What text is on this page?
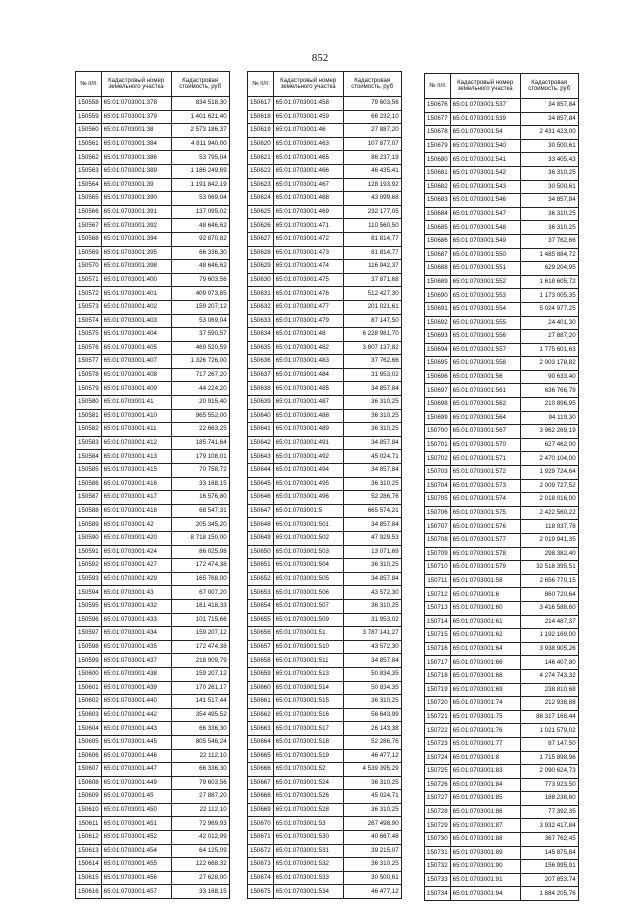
852
№ п/п	Кадастровый номер земельного участка	Кадастровая стоимость, руб
150558	65:01:0703001:378	834 518,30
150559	65:01:0703001:379	1 401 621,40
150560	65:01:0703001:38	2 573 186,37
150561	65:01:0703001:384	4 811 940,00
150562	65:01:0703001:386	53 795,04
150563	65:01:0703001:389	1 186 249,69
150564	65:01:0703001:39	1 191 842,19
150565	65:01:0703001:390	53 069,04
150566	65:01:0703001:391	137 095,02
150567	65:01:0703001:392	48 646,62
150568	65:01:0703001:394	92 870,82
150569	65:01:0703001:395	66 336,30
150570	65:01:0703001:398	48 646,62
150571	65:01:0703001:400	79 603,56
150572	65:01:0703001:401	409 073,85
150573	65:01:0703001:402	159 207,12
150574	65:01:0703001:403	53 069,04
150575	65:01:0703001:404	37 590,57
150576	65:01:0703001:405	469 520,59
150577	65:01:0703001:407	1 326 726,00
150578	65:01:0703001:408	717 267,20
150579	65:01:0703001:409	44 224,20
150580	65:01:0703001:41	20 915,40
150581	65:01:0703001:410	965 552,00
150582	65:01:0703001:411	22 663,25
150583	65:01:0703001:412	185 741,64
150584	65:01:0703001:413	179 108,01
150585	65:01:0703001:415	70 758,72
150586	65:01:0703001:416	33 168,15
150587	65:01:0703001:417	16 576,80
150588	65:01:0703001:418	68 547,31
150589	65:01:0703001:42	205 345,20
150590	65:01:0703001:420	8 718 150,00
150591	65:01:0703001:424	86 025,98
150592	65:01:0703001:427	172 474,38
150593	65:01:0703001:429	165 768,00
150594	65:01:0703001:43	67 007,20
150595	65:01:0703001:432	161 418,33
150596	65:01:0703001:433	101 715,66
150597	65:01:0703001:434	159 207,12
150598	65:01:0703001:435	172 474,38
150599	65:01:0703001:437	218 909,79
150600	65:01:0703001:438	159 207,12
150601	65:01:0703001:439	170 261,17
150602	65:01:0703001:440	141 517,44
150603	65:01:0703001:442	354 495,52
150604	65:01:0703001:443	66 336,30
150605	65:01:0703001:445	805 546,24
150606	65:01:0703001:446	22 112,10
150607	65:01:0703001:447	66 336,30
150608	65:01:0703001:449	79 603,56
150609	65:01:0703001:45	27 887,20
150610	65:01:0703001:450	22 112,10
150611	65:01:0703001:451	72 969,93
150612	65:01:0703001:452	42 012,99
150613	65:01:0703001:454	64 125,09
150614	65:01:0703001:455	122 668,32
150615	65:01:0703001:456	27 628,00
150616	65:01:0703001:457	33 168,15
№ п/п	Кадастровый номер земельного участка	Кадастровая стоимость, руб
150617	65:01:0703001:458	79 603,56
150618	65:01:0703001:459	66 232,10
150619	65:01:0703001:46	27 887,20
150620	65:01:0703001:463	107 877,07
150621	65:01:0703001:465	86 237,19
150622	65:01:0703001:466	46 435,41
150623	65:01:0703001:467	128 193,92
150624	65:01:0703001:468	43 099,68
150625	65:01:0703001:469	232 177,05
150626	65:01:0703001:471	110 560,50
150627	65:01:0703001:472	81 814,77
150628	65:01:0703001:473	81 814,77
150629	65:01:0703001:474	116 942,37
150630	65:01:0703001:475	37 871,68
150631	65:01:0703001:476	512 427,30
150632	65:01:0703001:477	201 021,61
150633	65:01:0703001:479	87 147,50
150634	65:01:0703001:48	6 228 981,70
150635	65:01:0703001:482	3 807 137,82
150636	65:01:0703001:483	37 762,66
150637	65:01:0703001:484	31 953,02
150638	65:01:0703001:485	34 857,84
150639	65:01:0703001:487	36 310,25
150640	65:01:0703001:488	36 310,25
150641	65:01:0703001:489	36 310,25
150642	65:01:0703001:491	34 857,84
150643	65:01:0703001:492	45 024,71
150644	65:01:0703001:494	34 857,84
150645	65:01:0703001:495	36 310,25
150646	65:01:0703001:496	52 286,76
150647	65:01:0703001:5	665 574,21
150648	65:01:0703001:501	34 857,84
150649	65:01:0703001:502	47 929,53
150650	65:01:0703001:503	13 071,69
150651	65:01:0703001:504	36 310,25
150652	65:01:0703001:505	34 857,84
150653	65:01:0703001:506	43 572,30
150654	65:01:0703001:507	36 310,25
150655	65:01:0703001:509	31 953,02
150656	65:01:0703001:51	3 787 141,27
150657	65:01:0703001:510	43 572,30
150658	65:01:0703001:511	34 857,84
150659	65:01:0703001:513	50 834,35
150660	65:01:0703001:514	50 834,35
150661	65:01:0703001:515	36 310,25
150662	65:01:0703001:516	56 643,99
150663	65:01:0703001:517	26 143,38
150664	65:01:0703001:518	52 286,76
150665	65:01:0703001:519	46 477,12
150666	65:01:0703001:52	4 539 395,29
150667	65:01:0703001:524	36 310,25
150668	65:01:0703001:526	45 024,71
150669	65:01:0703001:528	36 310,25
150670	65:01:0703001:53	267 498,90
150671	65:01:0703001:530	40 667,48
150672	65:01:0703001:531	39 215,07
150673	65:01:0703001:532	36 310,25
150674	65:01:0703001:533	30 500,61
150675	65:01:0703001:534	46 477,12
№ п/п	Кадастровый номер земельного участка	Кадастровая стоимость, руб
150676	65:01:0703001:537	34 857,84
150677	65:01:0703001:539	34 857,84
150678	65:01:0703001:54	2 431 423,00
150679	65:01:0703001:540	30 500,61
150680	65:01:0703001:541	33 405,43
150681	65:01:0703001:542	36 310,25
150682	65:01:0703001:543	30 500,61
150683	65:01:0703001:546	34 857,84
150684	65:01:0703001:547	36 310,25
150685	65:01:0703001:548	36 310,25
150686	65:01:0703001:549	37 762,66
150687	65:01:0703001:550	1 485 884,72
150688	65:01:0703001:551	629 204,95
150689	65:01:0703001:552	1 618 605,72
150690	65:01:0703001:553	1 173 005,35
150691	65:01:0703001:554	5 024 977,25
150692	65:01:0703001:555	24 401,30
150693	65:01:0703001:556	27 887,20
150694	65:01:0703001:557	1 775 601,63
150695	65:01:0703001:558	2 003 178,82
150696	65:01:0703001:56	90 633,40
150697	65:01:0703001:561	636 766,79
150698	65:01:0703001:562	210 896,95
150699	65:01:0703001:564	94 119,30
150700	65:01:0703001:567	3 962 269,19
150701	65:01:0703001:570	627 462,00
150702	65:01:0703001:571	2 470 104,00
150703	65:01:0703001:572	1 929 724,64
150704	65:01:0703001:573	2 009 727,52
150705	65:01:0703001:574	2 018 016,00
150706	65:01:0703001:575	2 422 560,22
150707	65:01:0703001:576	118 937,78
150708	65:01:0703001:577	2 019 941,35
150709	65:01:0703001:578	298 382,40
150710	65:01:0703001:579	32 518 395,51
150711	65:01:0703001:58	2 656 770,15
150712	65:01:0703001:6	860 720,64
150713	65:01:0703001:60	3 416 588,60
150714	65:01:0703001:61	214 487,37
150715	65:01:0703001:62	1 192 169,00
150716	65:01:0703001:64	3 938 905,26
150717	65:01:0703001:66	146 407,80
150718	65:01:0703001:68	4 274 743,32
150719	65:01:0703001:69	238 810,68
150720	65:01:0703001:74	212 938,88
150721	65:01:0703001:75	88 317 168,44
150722	65:01:0703001:76	1 021 579,02
150723	65:01:0703001:77	87 147,50
150724	65:01:0703001:8	1 715 898,96
150725	65:01:0703001:83	2 090 624,73
150726	65:01:0703001:84	773 923,50
150727	65:01:0703001:85	188 238,60
150728	65:01:0703001:86	77 392,35
150729	65:01:0703001:87	3 932 417,84
150730	65:01:0703001:88	367 762,45
150731	65:01:0703001:89	145 875,84
150732	65:01:0703001:90	156 995,91
150733	65:01:0703001:91	207 853,74
150734	65:01:0703001:94	1 884 205,76
